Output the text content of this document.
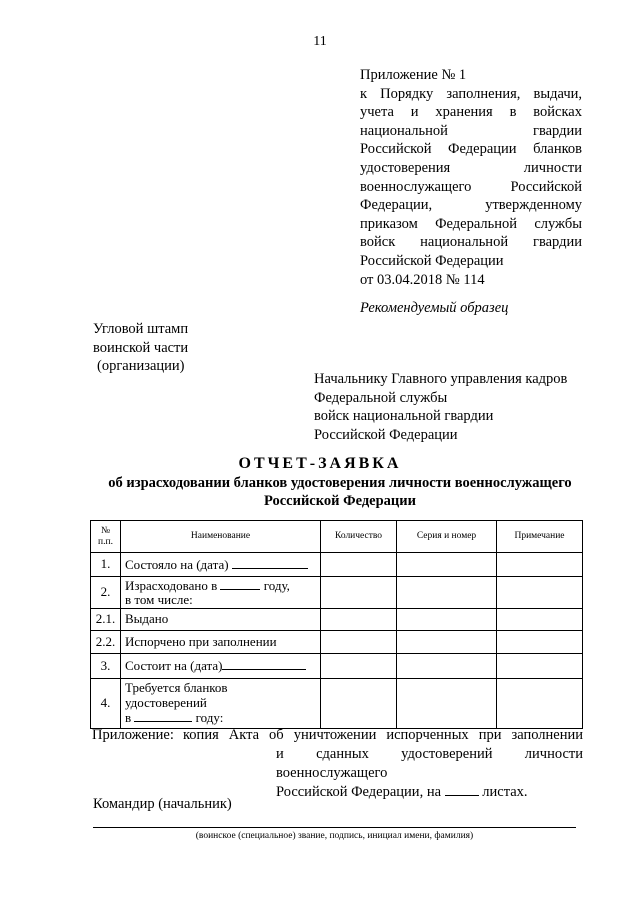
11
Приложение № 1
к Порядку заполнения, выдачи,
учета и хранения в войсках
национальной гвардии
Российской Федерации бланков
удостоверения личности
военнослужащего Российской
Федерации, утвержденному
приказом Федеральной службы
войск национальной гвардии
Российской Федерации
от 03.04.2018 № 114
Рекомендуемый образец
Угловой штамп
воинской части
(организации)
Начальнику Главного управления кадров
Федеральной службы
войск национальной гвардии
Российской Федерации
ОТЧЕТ-ЗАЯВКА
об израсходовании бланков удостоверения личности военнослужащего
Российской Федерации
№
п.п.	Наименование	Количество	Серия и номер	Примечание
1.	Состояло на (дата)			
2.	Израсходовано в году,
в том числе:			
2.1.	Выдано			
2.2.	Испорчено при заполнении			
3.	Состоит на (дата)			
4.	Требуется бланков
удостоверений
в году:			
Приложение: копия Акта об уничтожении испорченных при заполнении
и сданных удостоверений личности военнослужащего
Российской Федерации, на	листах.
Командир (начальник)
(воинское (специальное) звание, подпись, инициал имени, фамилия)
